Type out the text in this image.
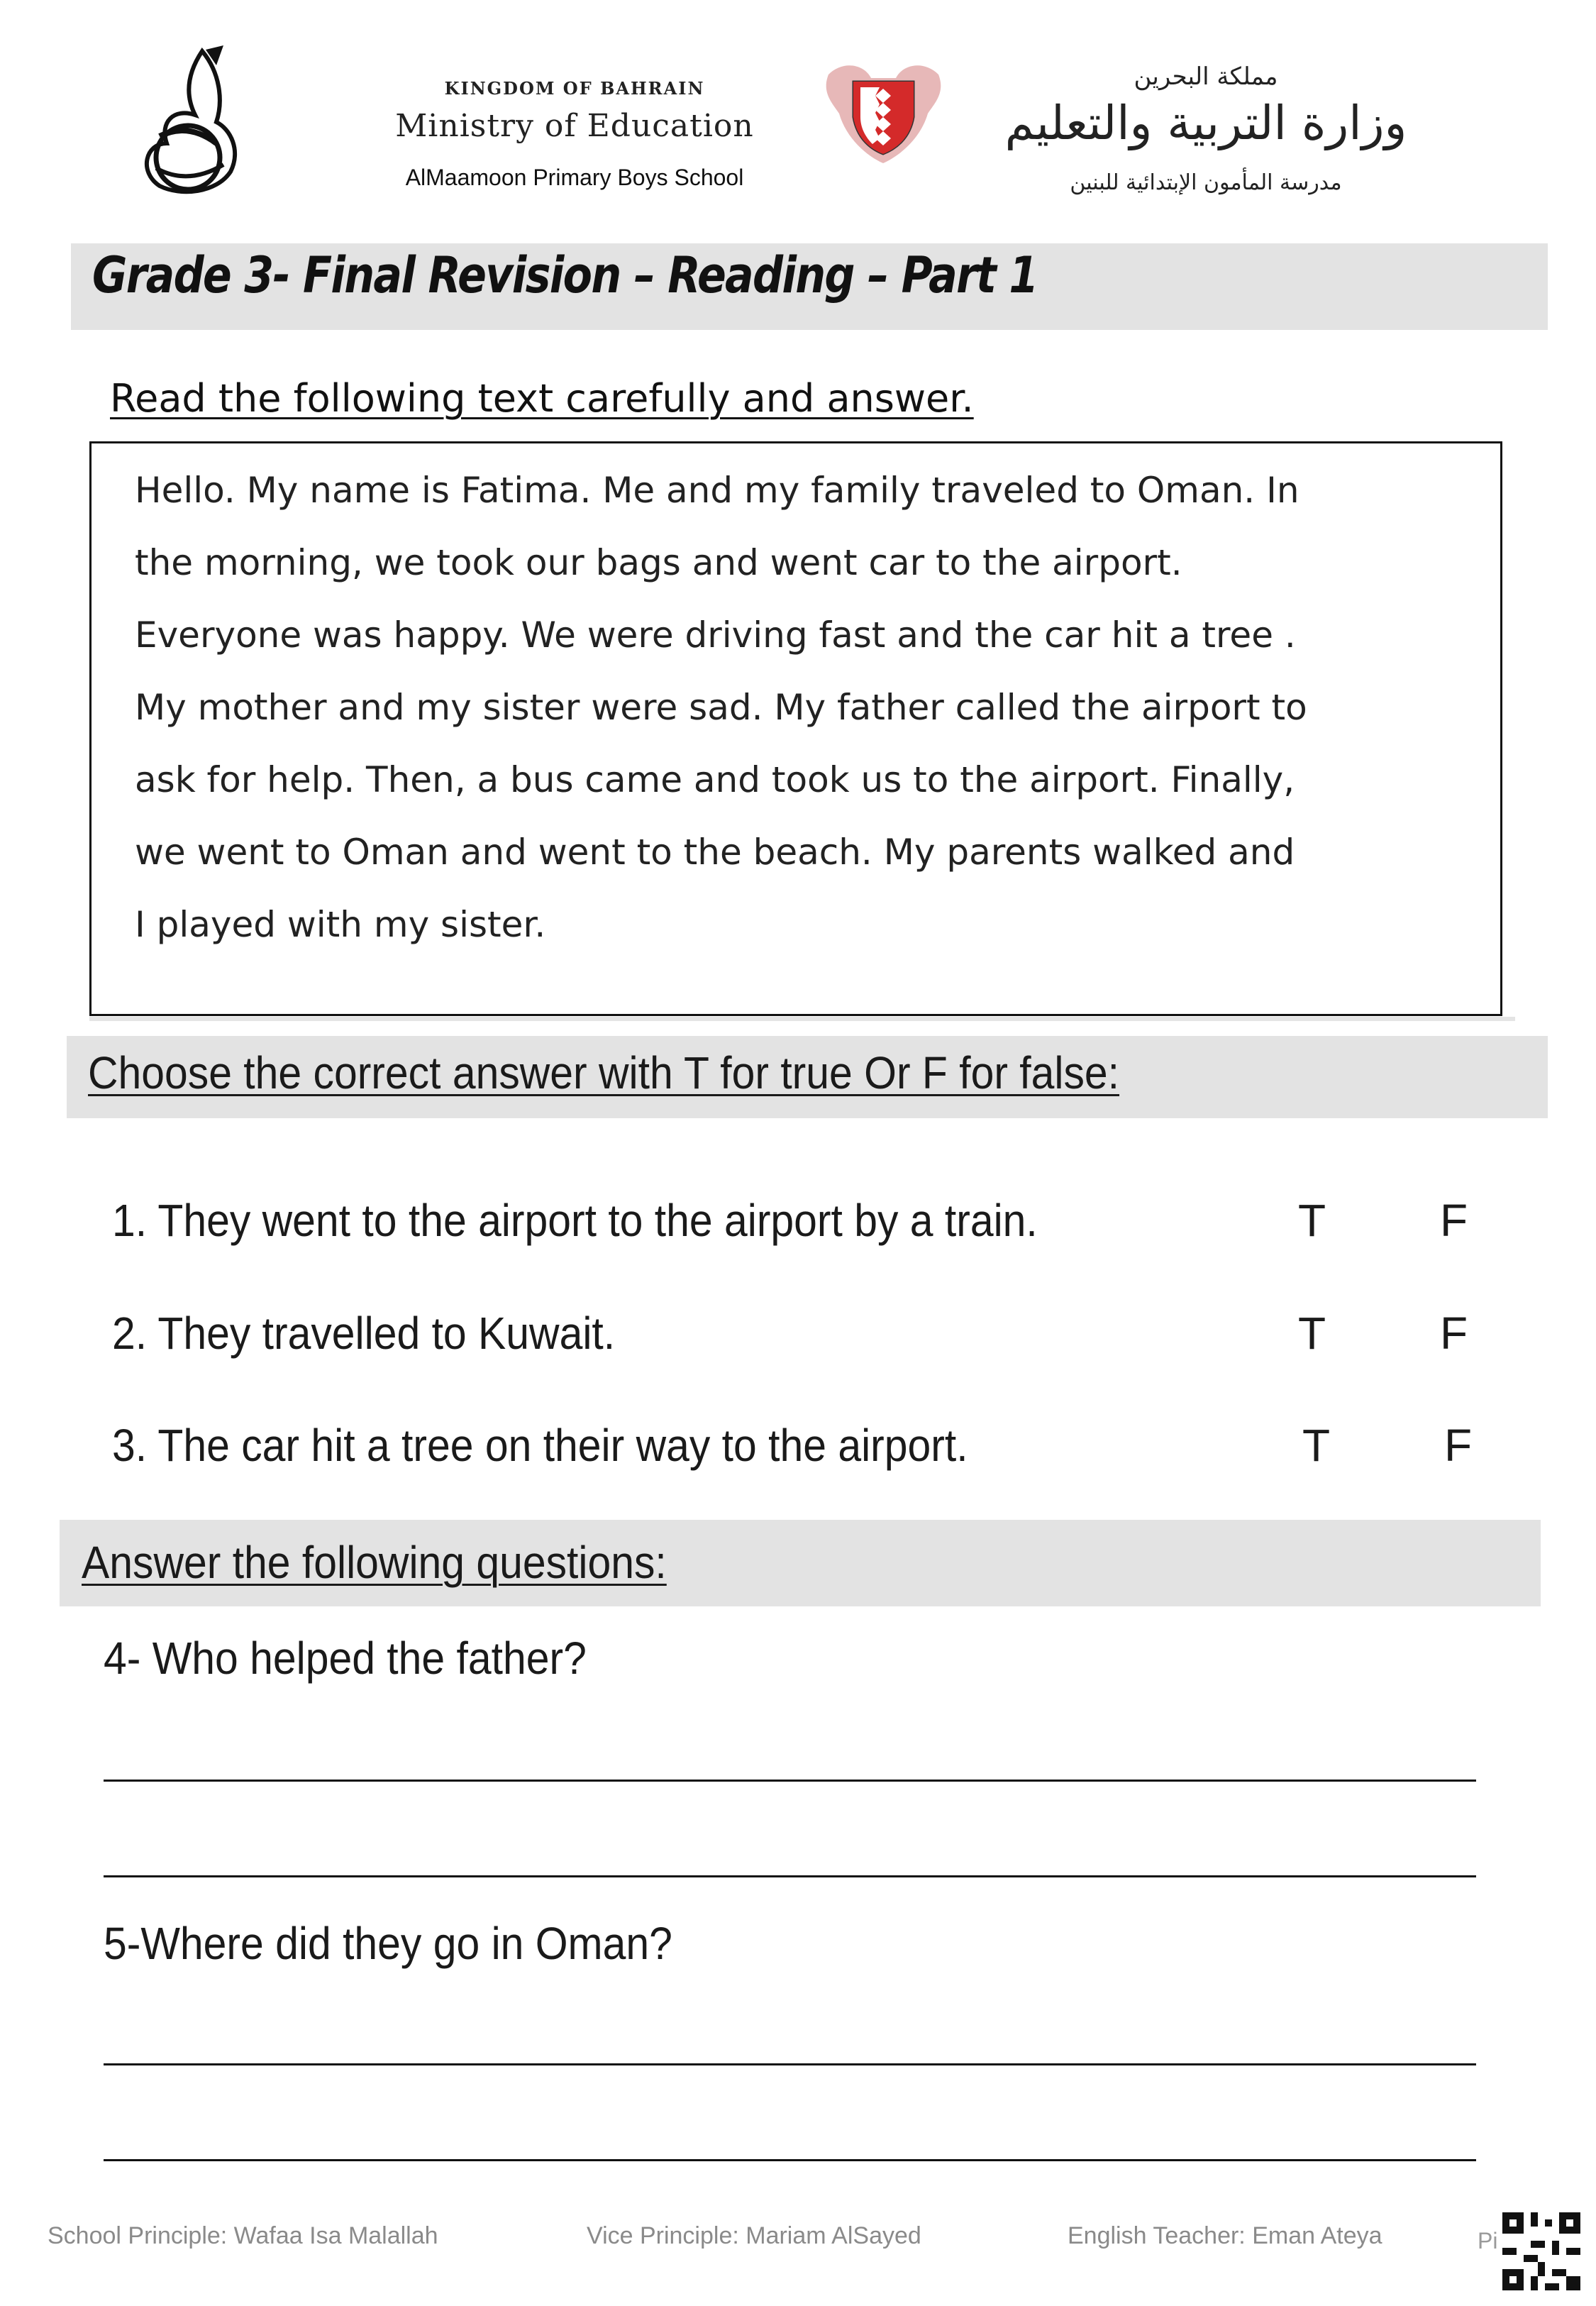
KINGDOM OF BAHRAIN
Ministry of Education
AlMaamoon Primary Boys School
مملكة البحرين
وزارة التربية والتعليم
مدرسة المأمون الإبتدائية للبنين
Grade 3- Final Revision – Reading – Part 1
Read the following text carefully and answer.
Hello. My name is Fatima. Me and my family traveled to Oman. In
the morning, we took our bags and went car to the airport.
Everyone was happy. We were driving fast and the car hit a tree .
My mother and my sister were sad. My father called the airport to
ask for help. Then, a bus came and took us to the airport. Finally,
we went to Oman and went to the beach. My parents walked and
I played with my sister.
Choose the correct answer with T for true Or F for false:
1. They went to the airport to the airport by a train.	T	F
2. They travelled to Kuwait.	T	F
3. The car hit a tree on their way to the airport.	T	F
Answer the following questions:
4- Who helped the father?
5-Where did they go in Oman?
School Principle: Wafaa Isa Malallah	Vice Principle: Mariam AlSayed	English Teacher: Eman Ateya	Pi
